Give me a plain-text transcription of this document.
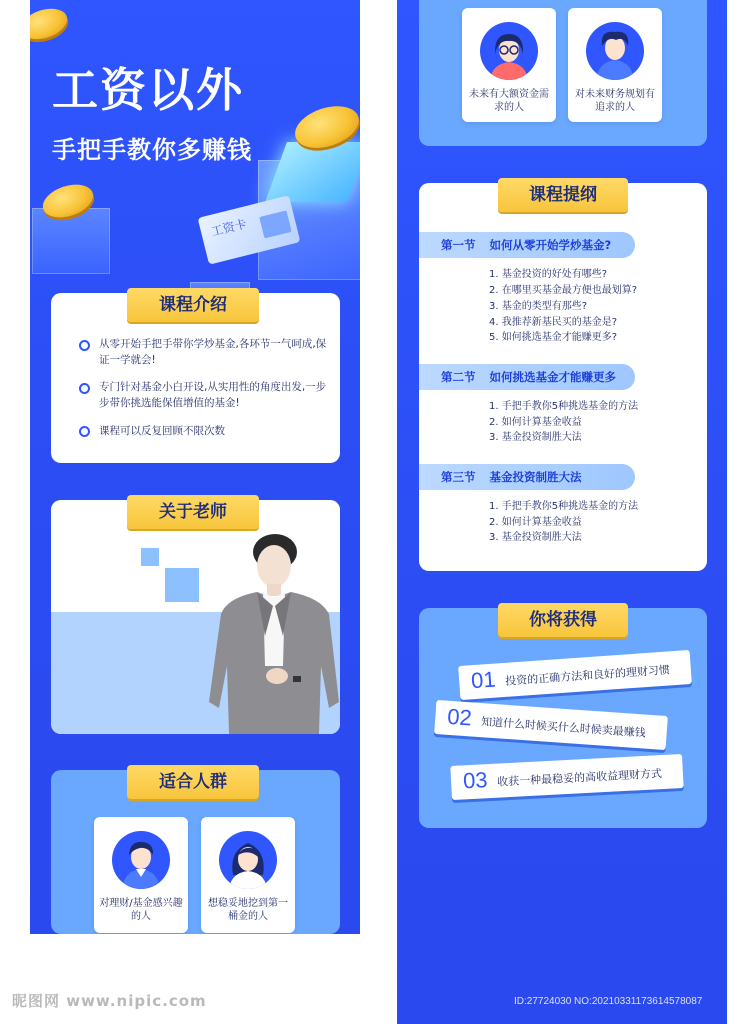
工资卡
工资以外
手把手教你多赚钱
从零开始手把手带你学炒基金,各环节一气呵成,保证一学就会!
专门针对基金小白开设,从实用性的角度出发,一步步带你挑选能保值增值的基金!
课程可以反复回顾不限次数
课程介绍
关于老师
对理财/基金感兴趣的人
想稳妥地挖到第一桶金的人
适合人群
未来有大额资金需求的人
对未来财务规划有追求的人
第一节 如何从零开始学炒基金?
1. 基金投资的好处有哪些?
2. 在哪里买基金最方便也最划算?
3. 基金的类型有那些?
4. 我推荐新基民买的基金是?
5. 如何挑选基金才能赚更多?
第二节 如何挑选基金才能赚更多
1. 手把手教你5种挑选基金的方法
2. 如何计算基金收益
3. 基金投资制胜大法
第三节 基金投资制胜大法
1. 手把手教你5种挑选基金的方法
2. 如何计算基金收益
3. 基金投资制胜大法
课程提纲
01 投资的正确方法和良好的理财习惯
02 知道什么时候买什么时候卖最赚钱
03 收获一种最稳妥的高收益理财方式
你将获得
昵图网 www.nipic.com	ID:27724030 NO:20210331173614578087
